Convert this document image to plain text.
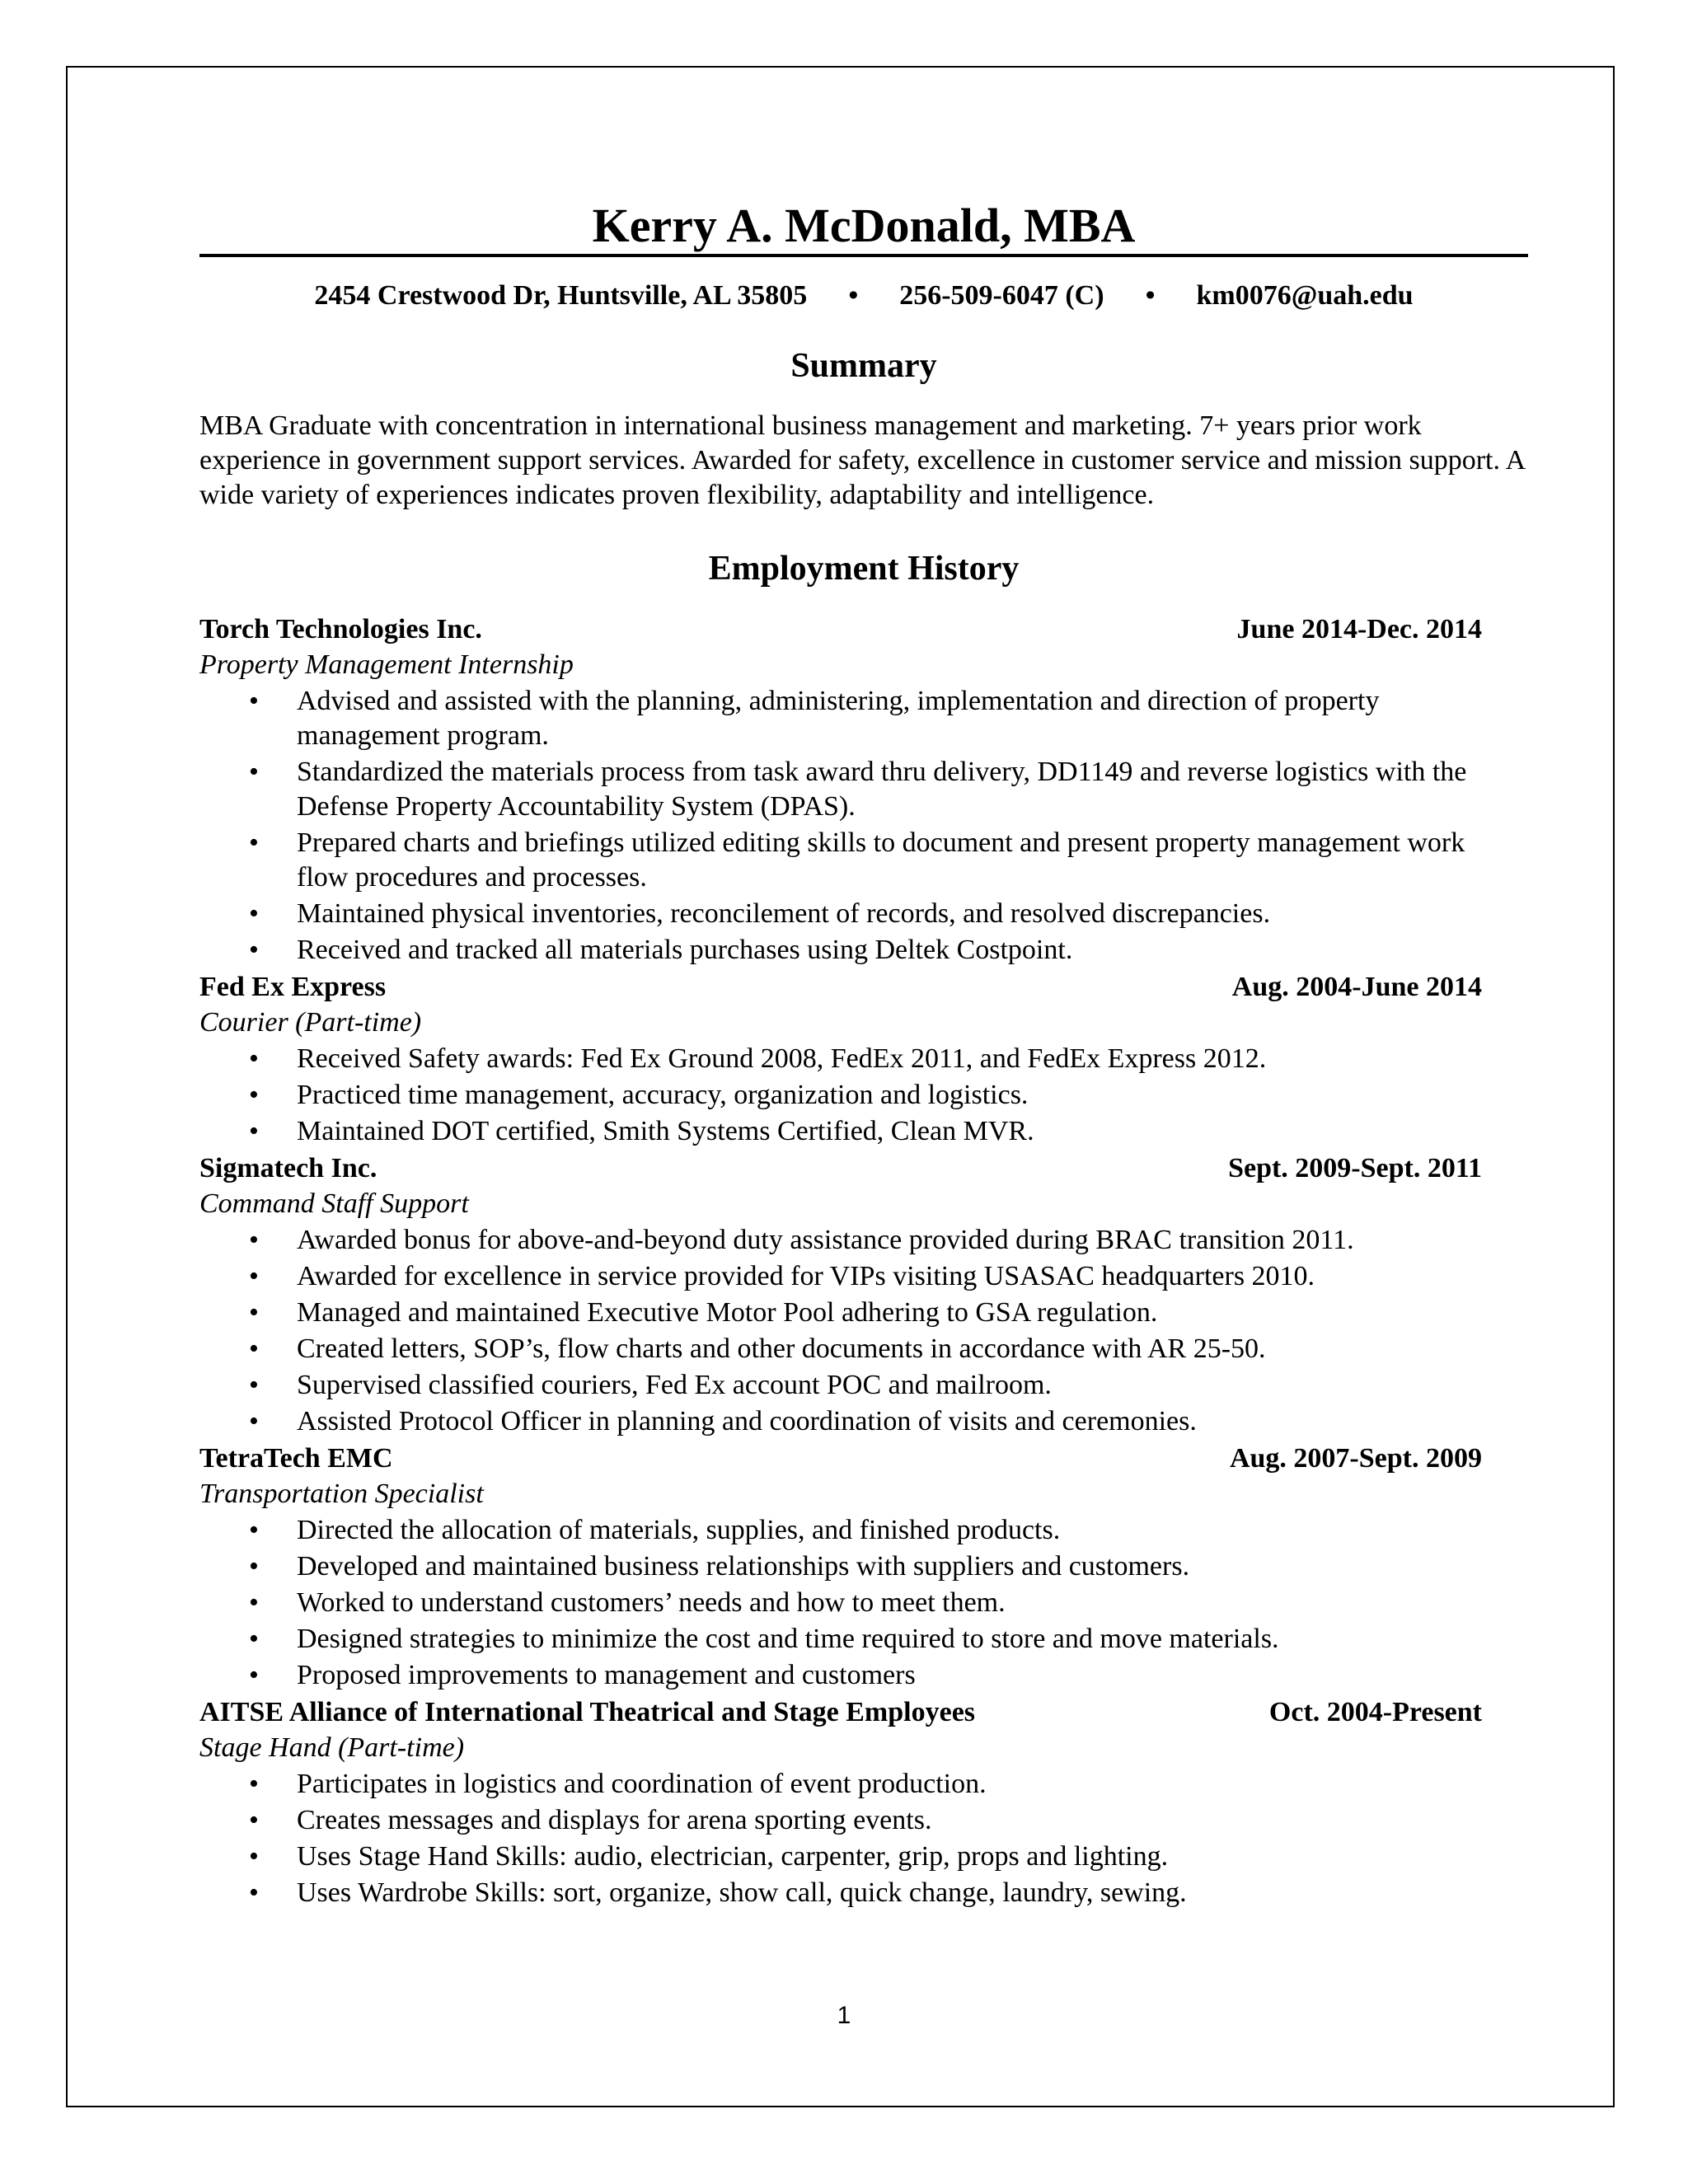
Kerry A. McDonald, MBA
2454 Crestwood Dr, Huntsville, AL 35805 • 256-509-6047 (C) • km0076@uah.edu
Summary
MBA Graduate with concentration in international business management and marketing. 7+ years prior work experience in government support services. Awarded for safety, excellence in customer service and mission support. A wide variety of experiences indicates proven flexibility, adaptability and intelligence.
Employment History
Torch Technologies Inc.	June 2014-Dec. 2014
Property Management Internship
• Advised and assisted with the planning, administering, implementation and direction of property management program.
• Standardized the materials process from task award thru delivery, DD1149 and reverse logistics with the Defense Property Accountability System (DPAS).
• Prepared charts and briefings utilized editing skills to document and present property management work flow procedures and processes.
• Maintained physical inventories, reconcilement of records, and resolved discrepancies.
• Received and tracked all materials purchases using Deltek Costpoint.
Fed Ex Express	Aug. 2004-June 2014
Courier (Part-time)
• Received Safety awards: Fed Ex Ground 2008, FedEx 2011, and FedEx Express 2012.
• Practiced time management, accuracy, organization and logistics.
• Maintained DOT certified, Smith Systems Certified, Clean MVR.
Sigmatech Inc.	Sept. 2009-Sept. 2011
Command Staff Support
• Awarded bonus for above-and-beyond duty assistance provided during BRAC transition 2011.
• Awarded for excellence in service provided for VIPs visiting USASAC headquarters 2010.
• Managed and maintained Executive Motor Pool adhering to GSA regulation.
• Created letters, SOP’s, flow charts and other documents in accordance with AR 25-50.
• Supervised classified couriers, Fed Ex account POC and mailroom.
• Assisted Protocol Officer in planning and coordination of visits and ceremonies.
TetraTech EMC	Aug. 2007-Sept. 2009
Transportation Specialist
• Directed the allocation of materials, supplies, and finished products.
• Developed and maintained business relationships with suppliers and customers.
• Worked to understand customers’ needs and how to meet them.
• Designed strategies to minimize the cost and time required to store and move materials.
• Proposed improvements to management and customers
AITSE Alliance of International Theatrical and Stage Employees	Oct. 2004-Present
Stage Hand (Part-time)
• Participates in logistics and coordination of event production.
• Creates messages and displays for arena sporting events.
• Uses Stage Hand Skills: audio, electrician, carpenter, grip, props and lighting.
• Uses Wardrobe Skills: sort, organize, show call, quick change, laundry, sewing.
1
